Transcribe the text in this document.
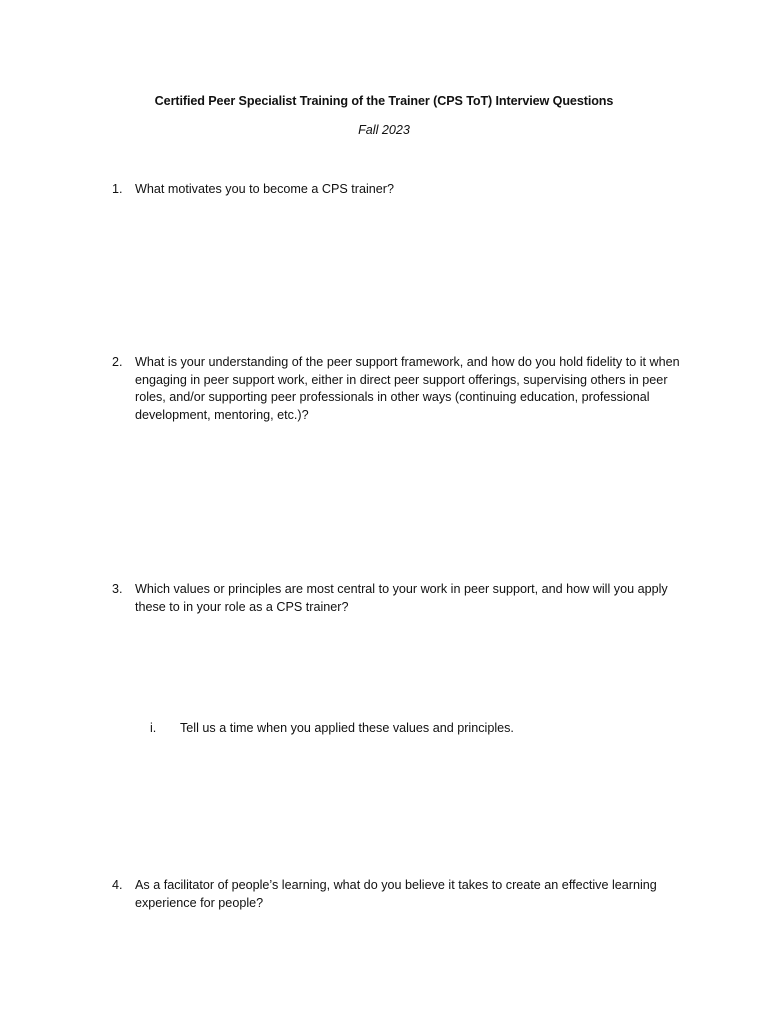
Certified Peer Specialist Training of the Trainer (CPS ToT) Interview Questions
Fall 2023
1. What motivates you to become a CPS trainer?
2. What is your understanding of the peer support framework, and how do you hold fidelity to it when engaging in peer support work, either in direct peer support offerings, supervising others in peer roles, and/or supporting peer professionals in other ways (continuing education, professional development, mentoring, etc.)?
3. Which values or principles are most central to your work in peer support, and how will you apply these to in your role as a CPS trainer?
i. Tell us a time when you applied these values and principles.
4. As a facilitator of people’s learning, what do you believe it takes to create an effective learning experience for people?
